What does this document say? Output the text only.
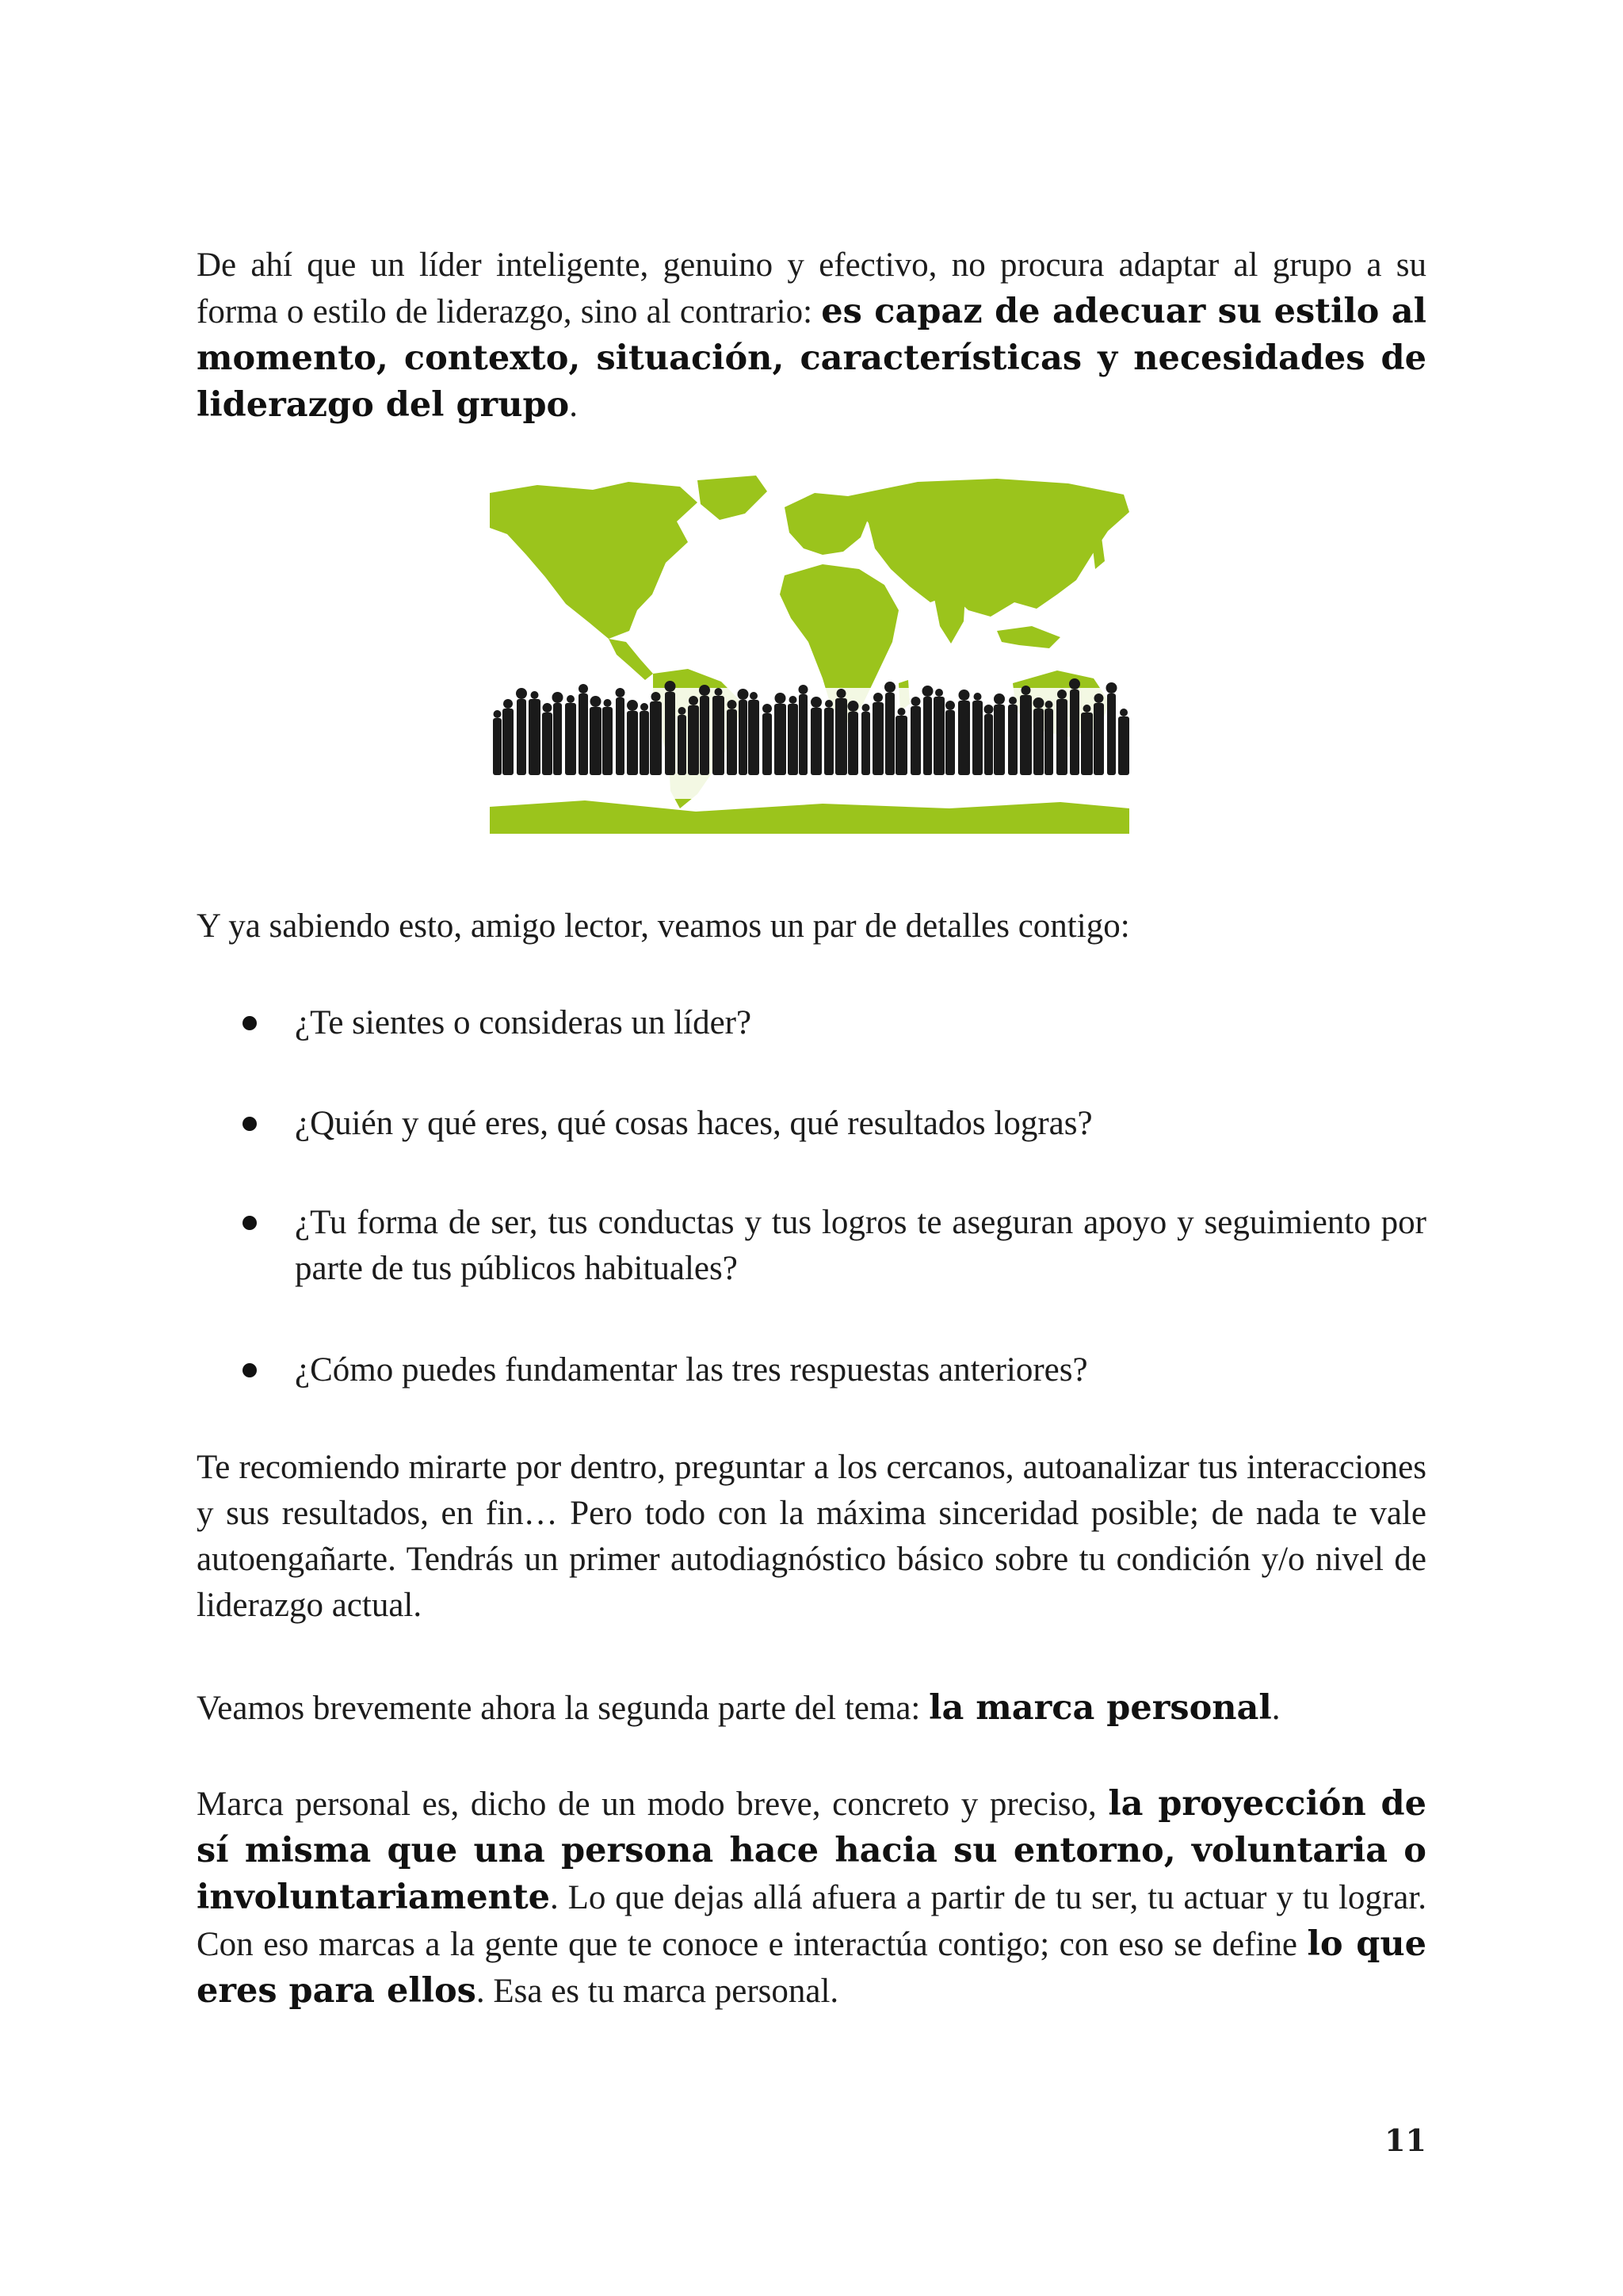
De ahí que un líder inteligente, genuino y efectivo, no procura adaptar al grupo a su forma o estilo de liderazgo, sino al contrario: es capaz de adecuar su estilo al momento, contexto, situación, características y necesidades de liderazgo del grupo.

Y ya sabiendo esto, amigo lector, veamos un par de detalles contigo:

¿Te sientes o consideras un líder?
¿Quién y qué eres, qué cosas haces, qué resultados logras?
¿Tu forma de ser, tus conductas y tus logros te aseguran apoyo y seguimiento por parte de tus públicos habituales?
¿Cómo puedes fundamentar las tres respuestas anteriores?

Te recomiendo mirarte por dentro, preguntar a los cercanos, autoanalizar tus interacciones y sus resultados, en fin… Pero todo con la máxima sinceridad posible; de nada te vale autoengañarte. Tendrás un primer autodiagnóstico básico sobre tu condición y/o nivel de liderazgo actual.

Veamos brevemente ahora la segunda parte del tema: la marca personal.

Marca personal es, dicho de un modo breve, concreto y preciso, la proyección de sí misma que una persona hace hacia su entorno, voluntaria o involuntariamente. Lo que dejas allá afuera a partir de tu ser, tu actuar y tu lograr. Con eso marcas a la gente que te conoce e interactúa contigo; con eso se define lo que eres para ellos. Esa es tu marca personal.

11
